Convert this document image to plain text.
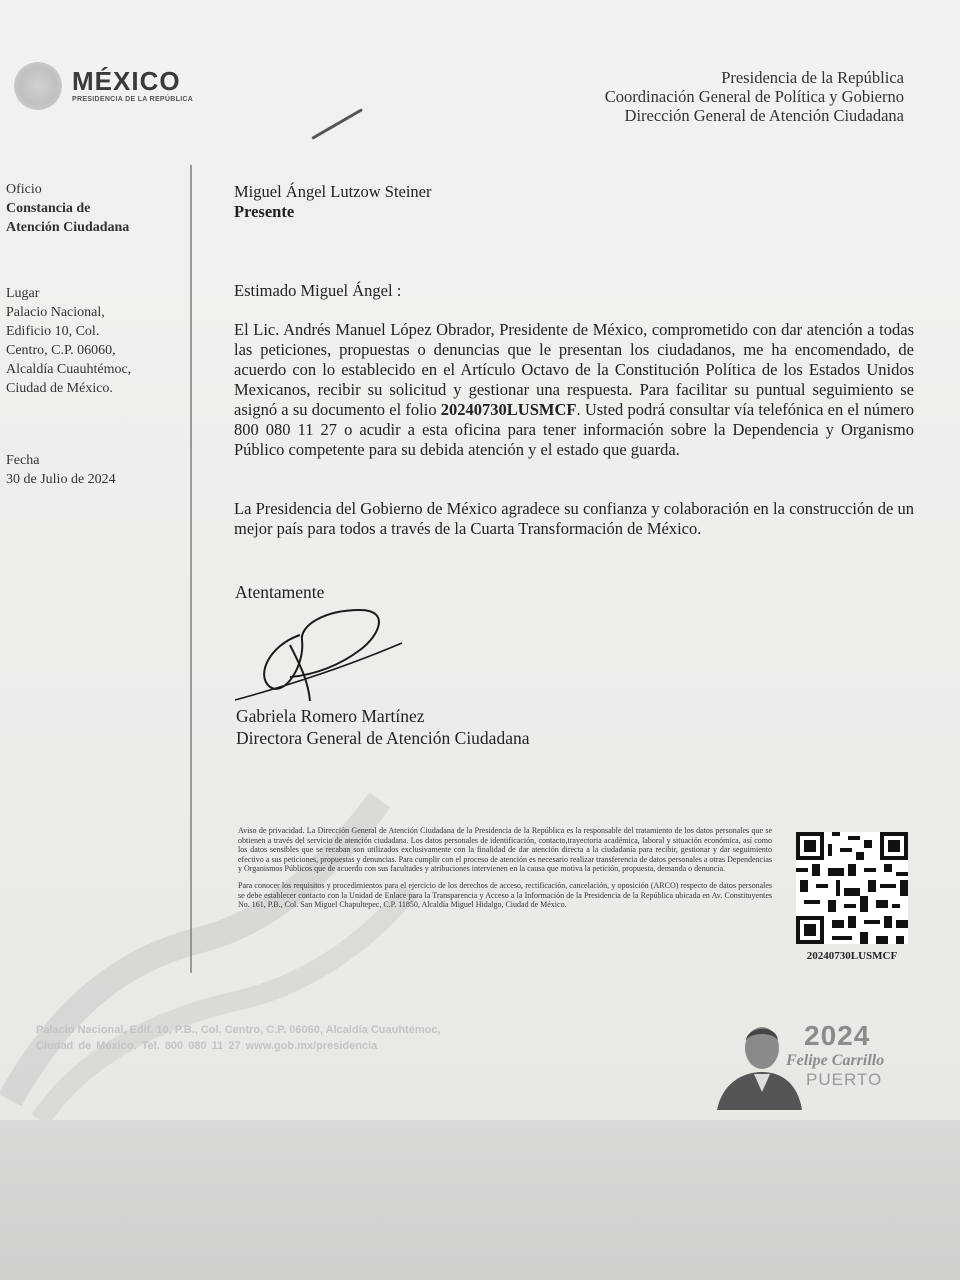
MÉXICO
PRESIDENCIA DE LA REPÚBLICA
Presidencia de la República
Coordinación General de Política y Gobierno
Dirección General de Atención Ciudadana
Oficio
Constancia de
Atención Ciudadana
Lugar
Palacio Nacional,
Edificio 10, Col.
Centro, C.P. 06060,
Alcaldía Cuauhtémoc,
Ciudad de México.
Fecha
30 de Julio de 2024
Miguel Ángel Lutzow Steiner
Presente
Estimado Miguel Ángel :
El Lic. Andrés Manuel López Obrador, Presidente de México, comprometido con dar atención a todas las peticiones, propuestas o denuncias que le presentan los ciudadanos, me ha encomendado, de acuerdo con lo establecido en el Artículo Octavo de la Constitución Política de los Estados Unidos Mexicanos, recibir su solicitud y gestionar una respuesta. Para facilitar su puntual seguimiento se asignó a su documento el folio 20240730LUSMCF. Usted podrá consultar vía telefónica en el número 800 080 11 27 o acudir a esta oficina para tener información sobre la Dependencia y Organismo Público competente para su debida atención y el estado que guarda.
La Presidencia del Gobierno de México agradece su confianza y colaboración en la construcción de un mejor país para todos a través de la Cuarta Transformación de México.
Atentamente
Gabriela Romero Martínez
Directora General de Atención Ciudadana

Aviso de privacidad. La Dirección General de Atención Ciudadana de la Presidencia de la República es la responsable del tratamiento de los datos personales que se obtienen a través del servicio de atención ciudadana. Los datos personales de identificación, contacto,trayectoria académica, laboral y situación económica, así como los datos sensibles que se recaban son utilizados exclusivamente con la finalidad de dar atención directa a la ciudadanía para recibir, gestionar y dar seguimiento efectivo a sus peticiones, propuestas y denuncias. Para cumplir con el proceso de atención es necesario realizar transferencia de datos personales a otras Dependencias y Organismos Públicos que de acuerdo con sus facultades y atribuciones intervienen en la causa que motiva la petición, propuesta, demanda o denuncia.

Para conocer los requisitos y procedimientos para el ejercicio de los derechos de acceso, rectificación, cancelación, y oposición (ARCO) respecto de datos personales se debe establecer contacto con la Unidad de Enlace para la Transparencia y Acceso a la Información de la Presidencia de la República ubicada en Av. Constituyentes No. 161, P.B., Col. San Miguel Chapultepec, C.P. 11850, Alcaldía Miguel Hidalgo, Ciudad de México.

20240730LUSMCF
Palacio Nacional, Edif. 10, P.B., Col. Centro, C.P. 06060, Alcaldía Cuauhtémoc,
Ciudad de México. Tel. 800 080 11 27 www.gob.mx/presidencia	2024
Felipe Carrillo
PUERTO
